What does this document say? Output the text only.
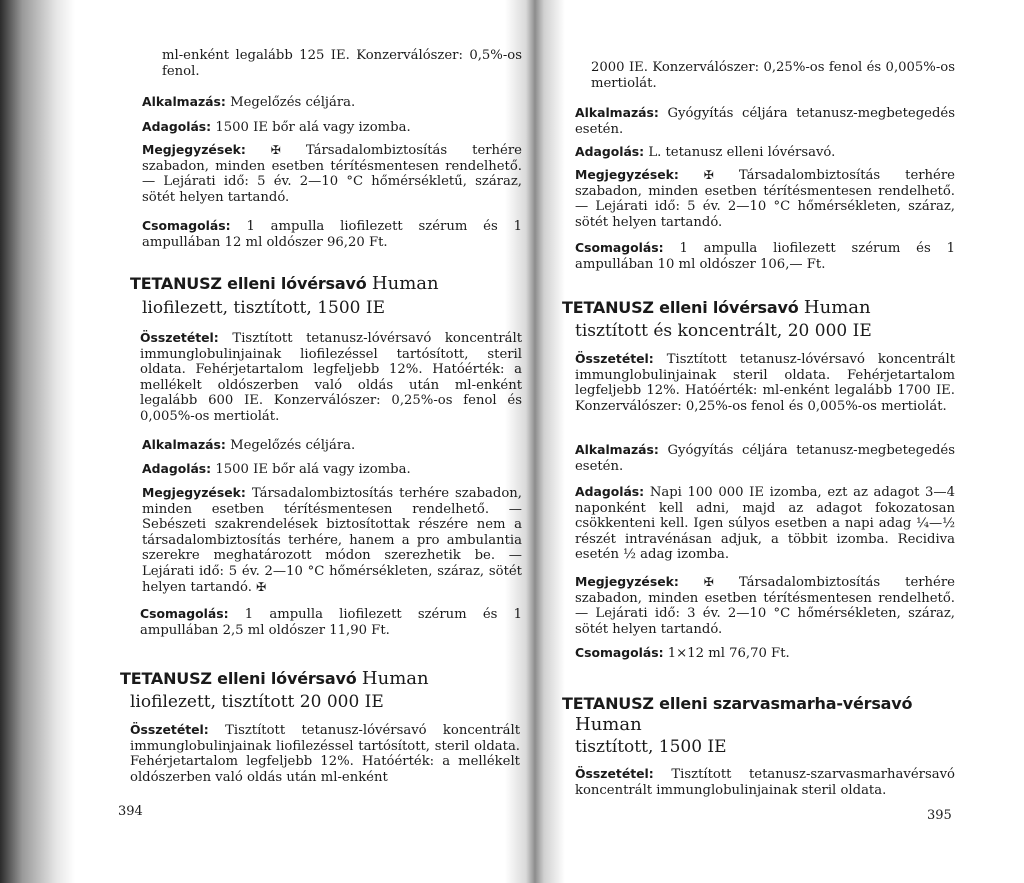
ml-enként legalább 125 IE. Konzerválószer: 0,5%-os fenol.

Alkalmazás: Megelőzés céljára.

Adagolás: 1500 IE bőr alá vagy izomba.

Megjegyzések: ✠ Társadalombiztosítás terhére szabadon, minden esetben térítésmentesen rendelhető. — Lejárati idő: 5 év. 2—10 °C hőmérsékletű, száraz, sötét helyen tartandó.

Csomagolás: 1 ampulla liofilezett szérum és 1 ampullában 12 ml oldószer 96,20 Ft.

TETANUSZ elleni lóvérsavó Human

liofilezett, tisztított, 1500 IE

Összetétel: Tisztított tetanusz-lóvérsavó koncentrált immunglobulinjainak liofilezéssel tartósított, steril oldata. Fehérjetartalom legfeljebb 12%. Hatóérték: a mellékelt oldószerben való oldás után ml-enként legalább 600 IE. Konzerválószer: 0,25%-os fenol és 0,005%-os mertiolát.

Alkalmazás: Megelőzés céljára.

Adagolás: 1500 IE bőr alá vagy izomba.

Megjegyzések: Társadalombiztosítás terhére szabadon, minden esetben térítésmentesen rendelhető. — Sebészeti szakrendelések biztosítottak részére nem a társadalombiztosítás terhére, hanem a pro ambulantia szerekre meghatározott módon szerezhetik be. — Lejárati idő: 5 év. 2—10 °C hőmérsékleten, száraz, sötét helyen tartandó. ✠

Csomagolás: 1 ampulla liofilezett szérum és 1 ampullában 2,5 ml oldószer 11,90 Ft.

TETANUSZ elleni lóvérsavó Human

liofilezett, tisztított 20 000 IE

Összetétel: Tisztított tetanusz-lóvérsavó koncentrált immunglobulinjainak liofilezéssel tartósított, steril oldata. Fehérjetartalom legfeljebb 12%. Hatóérték: a mellékelt oldószerben való oldás után ml-enként

394

2000 IE. Konzerválószer: 0,25%-os fenol és 0,005%-os mertiolát.

Alkalmazás: Gyógyítás céljára tetanusz-megbetegedés esetén.

Adagolás: L. tetanusz elleni lóvérsavó.

Megjegyzések: ✠ Társadalombiztosítás terhére szabadon, minden esetben térítésmentesen rendelhető. — Lejárati idő: 5 év. 2—10 °C hőmérsékleten, száraz, sötét helyen tartandó.

Csomagolás: 1 ampulla liofilezett szérum és 1 ampullában 10 ml oldószer 106,— Ft.

TETANUSZ elleni lóvérsavó Human

tisztított és koncentrált, 20 000 IE

Összetétel: Tisztított tetanusz-lóvérsavó koncentrált immunglobulinjainak steril oldata. Fehérjetartalom legfeljebb 12%. Hatóérték: ml-enként legalább 1700 IE. Konzerválószer: 0,25%-os fenol és 0,005%-os mertiolát.

Alkalmazás: Gyógyítás céljára tetanusz-megbetegedés esetén.

Adagolás: Napi 100 000 IE izomba, ezt az adagot 3—4 naponként kell adni, majd az adagot fokozatosan csökkenteni kell. Igen súlyos esetben a napi adag ¼—½ részét intravénásan adjuk, a többit izomba. Recidiva esetén ½ adag izomba.

Megjegyzések: ✠ Társadalombiztosítás terhére szabadon, minden esetben térítésmentesen rendelhető. — Lejárati idő: 3 év. 2—10 °C hőmérsékleten, száraz, sötét helyen tartandó.

Csomagolás: 1×12 ml 76,70 Ft.

TETANUSZ elleni szarvasmarha-vérsavó

Human

tisztított, 1500 IE

Összetétel: Tisztított tetanusz-szarvasmarhavérsavó koncentrált immunglobulinjainak steril oldata.

395
